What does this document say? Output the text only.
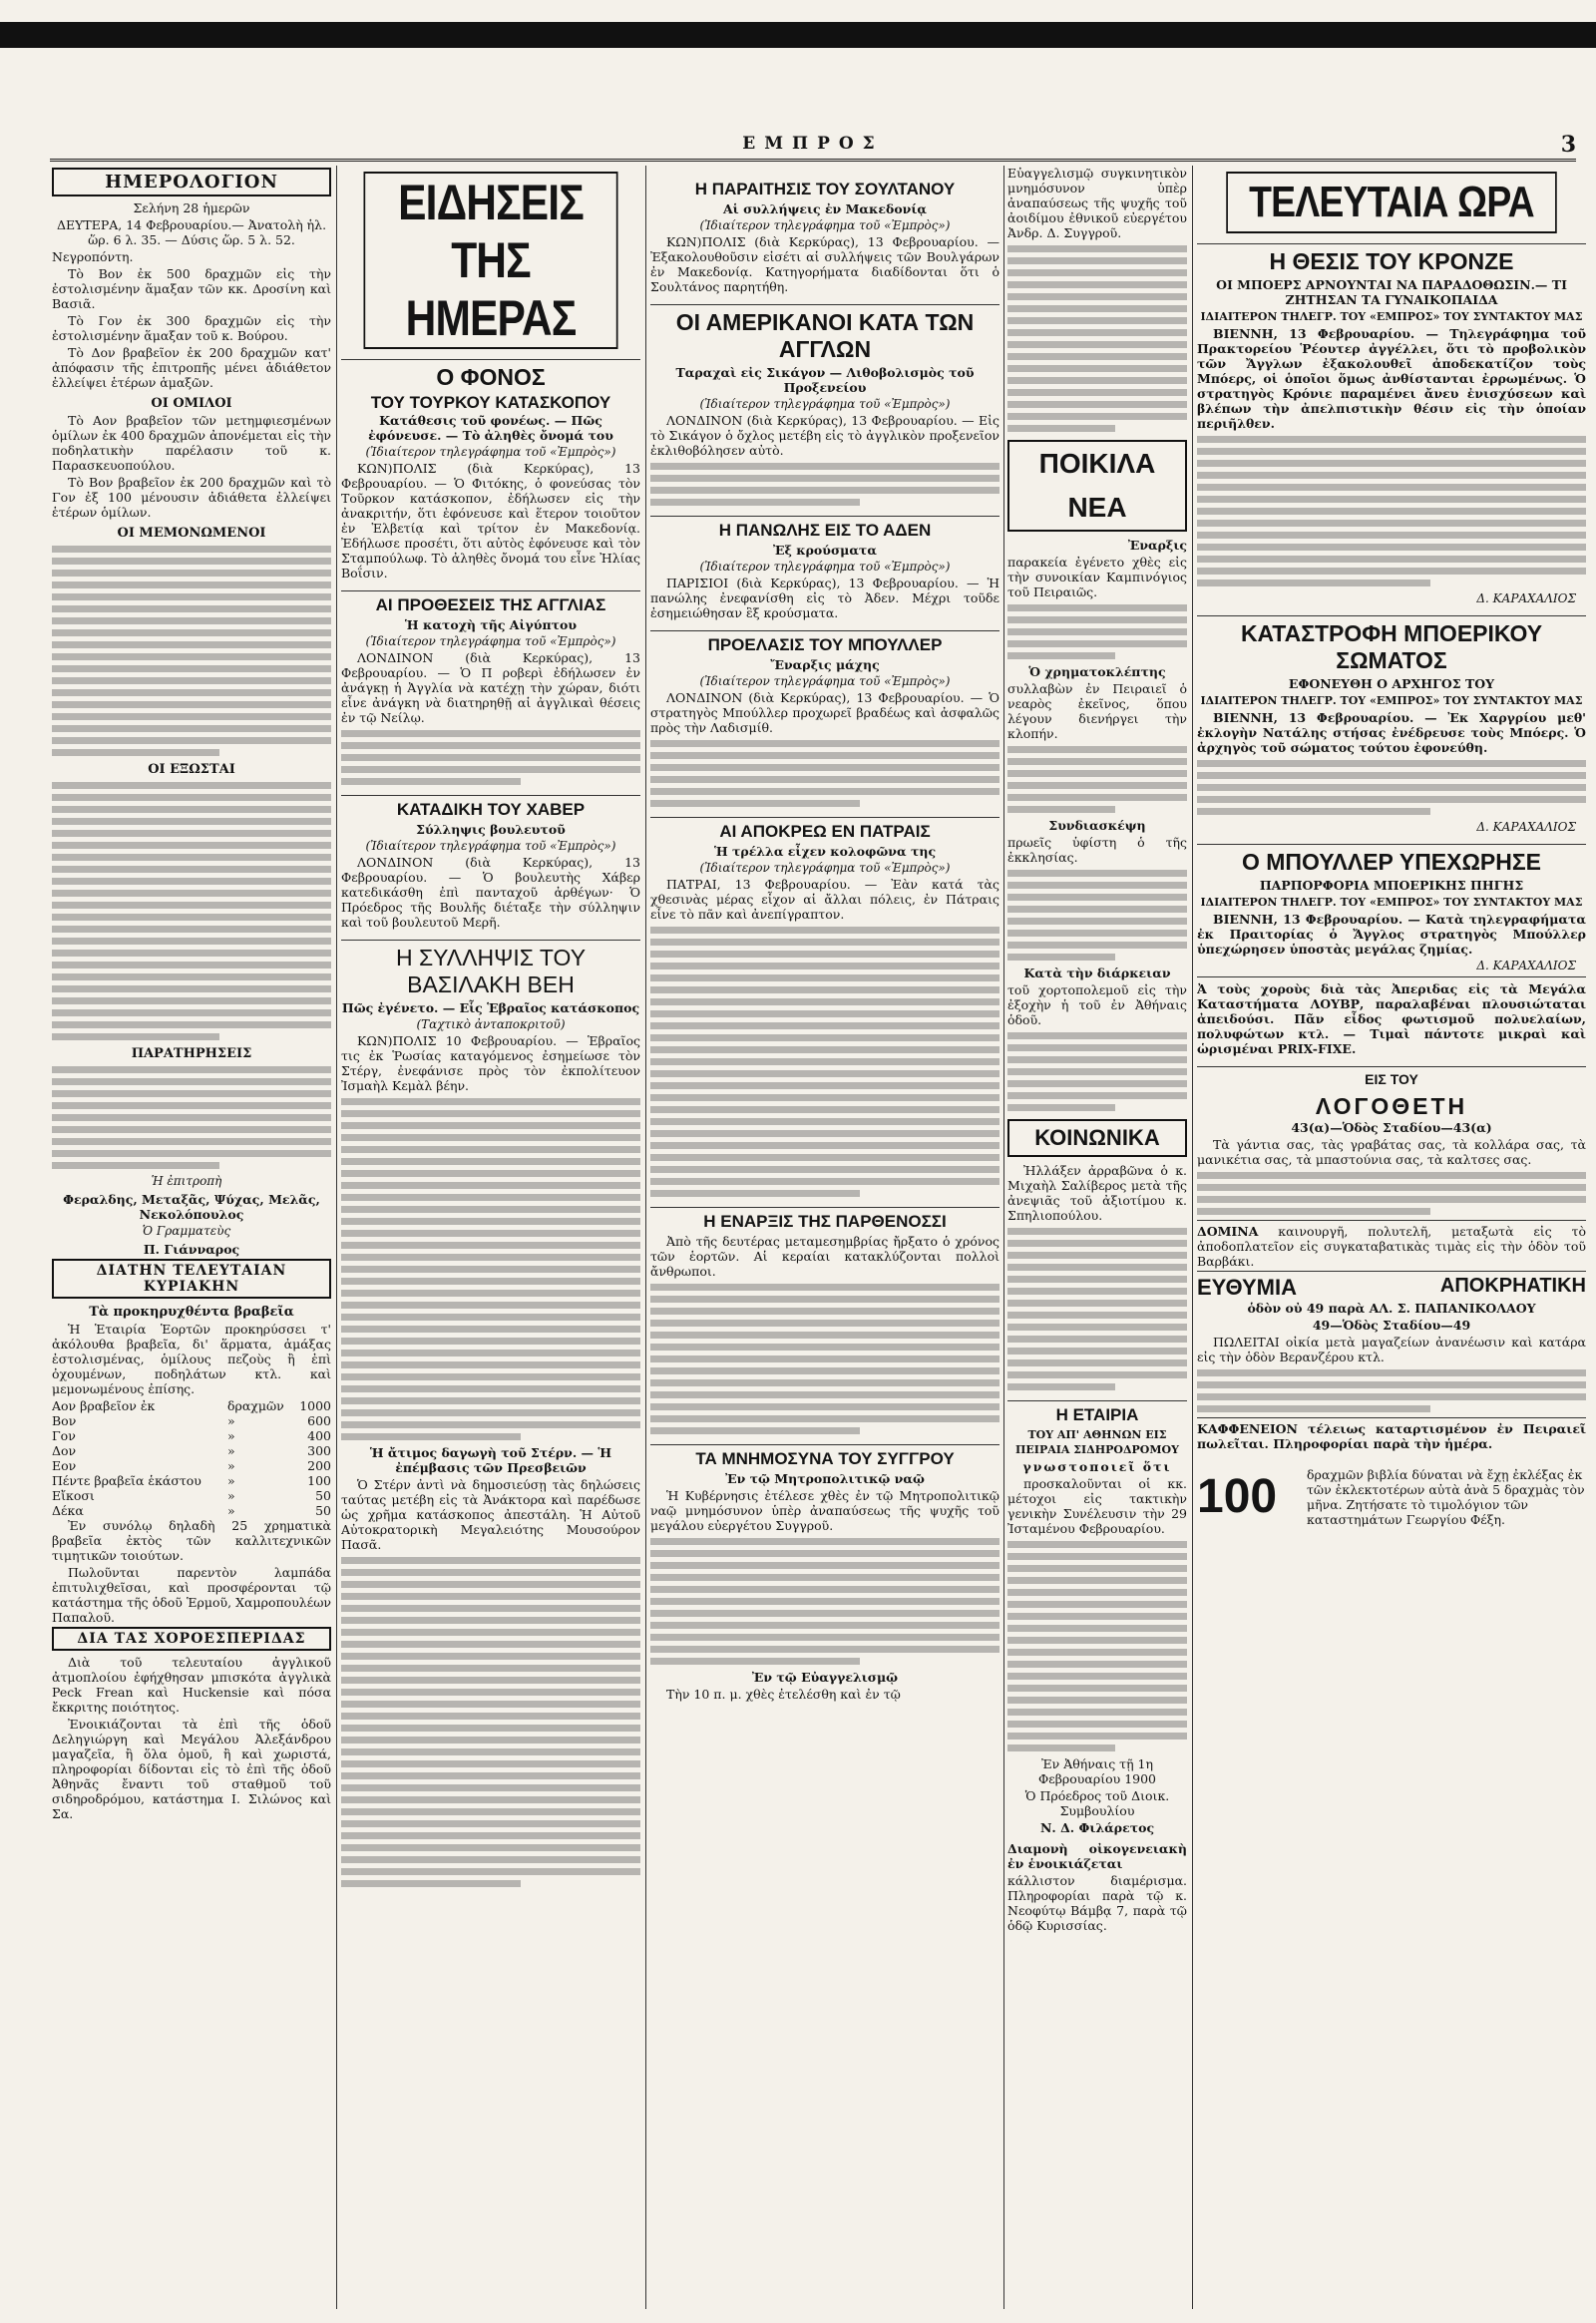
ΕΜΠΡΟΣ	3
ΗΜΕΡΟΛΟΓΙΟΝ

Σελήνη 28 ἡμερῶν

ΔΕΥΤΕΡΑ, 14 Φεβρουαρίου.— Ἀνατολὴ ἡλ. ὥρ. 6 λ. 35. — Δύσις ὥρ. 5 λ. 52.

Νεγροπόντη.

Τὸ Βον ἐκ 500 δραχμῶν εἰς τὴν ἐστολισμένην ἅμαξαν τῶν κκ. Δροσίνη καὶ Βασιᾶ.

Τὸ Γον ἐκ 300 δραχμῶν εἰς τὴν ἐστολισμένην ἅμαξαν τοῦ κ. Βούρου.

Τὸ Δον βραβεῖον ἐκ 200 δραχμῶν κατ' ἀπόφασιν τῆς ἐπιτροπῆς μένει ἀδιάθετον ἐλλείψει ἑτέρων ἁμαξῶν.

ΟΙ ΟΜΙΛΟΙ

Τὸ Αον βραβεῖον τῶν μετημφιεσμένων ὁμίλων ἐκ 400 δραχμῶν ἀπονέμεται εἰς τὴν ποδηλατικὴν παρέλασιν τοῦ κ. Παρασκευοπούλου.

Τὸ Βον βραβεῖον ἐκ 200 δραχμῶν καὶ τὸ Γον ἐξ 100 μένουσιν ἀδιάθετα ἐλλείψει ἑτέρων ὁμίλων.

ΟΙ ΜΕΜΟΝΩΜΕΝΟΙ
ΟΙ ΕΞΩΣΤΑΙ
ΠΑΡΑΤΗΡΗΣΕΙΣ
Ἡ ἐπιτροπὴ

Φεραλδης, Μεταξᾶς, Ψύχας, Μελᾶς, Νεκολόπουλος

Ὁ Γραμματεὺς

Π. Γιάνναρος

ΔΙΑΤΗΝ ΤΕΛΕΥΤΑΙΑΝ ΚΥΡΙΑΚΗΝ
Τὰ προκηρυχθέντα βραβεῖα

Ἡ Ἑταιρία Ἑορτῶν προκηρύσσει τ' ἀκόλουθα βραβεῖα, δι' ἅρματα, ἁμάξας ἐστολισμένας, ὁμίλους πεζοὺς ἢ ἐπὶ ὀχουμένων, ποδηλάτων κτλ. καὶ μεμονωμένους ἐπίσης.

Αον βραβεῖον ἐκ	δραχμῶν	1000
Βον	»	600
Γον	»	400
Δον	»	300
Εον	»	200
Πέντε βραβεῖα ἑκάστου	»	100
Εἴκοσι	»	50
Δέκα	»	50

Ἐν συνόλῳ δηλαδὴ 25 χρηματικὰ βραβεῖα ἐκτὸς τῶν καλλιτεχνικῶν τιμητικῶν τοιούτων.

Πωλοῦνται παρεντὸν λαμπάδα ἐπιτυλιχθεῖσαι, καὶ προσφέρονται τῷ κατάστημα τῆς ὁδοῦ Ἑρμοῦ, Χαμροπουλέων Παπαλοῦ.

ΔΙΑ ΤΑΣ ΧΟΡΟΕΣΠΕΡΙΔΑΣ

Διὰ τοῦ τελευταίου ἀγγλικοῦ ἀτμοπλοίου ἐφήχθησαν μπισκότα ἀγγλικὰ Peck Frean καὶ Huckensie καὶ πόσα ἔκκριτης ποιότητος.

Ἐνοικιάζονται τὰ ἐπὶ τῆς ὁδοῦ Δεληγιώργη καὶ Μεγάλου Ἀλεξάνδρου μαγαζεῖα, ἢ ὅλα ὁμοῦ, ἢ καὶ χωριστά, πληροφορίαι δίδονται εἰς τὸ ἐπὶ τῆς ὁδοῦ Ἀθηνᾶς ἔναντι τοῦ σταθμοῦ τοῦ σιδηροδρόμου, κατάστημα Ι. Σιλώνος καὶ Σα.

ΕΙΔΗΣΕΙΣ ΤΗΣ ΗΜΕΡΑΣ
Ο ΦΟΝΟΣ
ΤΟΥ ΤΟΥΡΚΟΥ ΚΑΤΑΣΚΟΠΟΥ

Κατάθεσις τοῦ φονέως. — Πῶς ἐφόνευσε. — Τὸ ἀληθὲς ὄνομά του

(Ἰδιαίτερον τηλεγράφημα τοῦ «Ἐμπρὸς»)

ΚΩΝ)ΠΟΛΙΣ (διὰ Κερκύρας), 13 Φεβρουαρίου. — Ὁ Φιτόκης, ὁ φονεύσας τὸν Τοῦρκον κατάσκοπον, ἐδήλωσεν εἰς τὴν ἀνακριτήν, ὅτι ἐφόνευσε καὶ ἕτερον τοιοῦτον ἐν Ἑλβετίᾳ καὶ τρίτον ἐν Μακεδονίᾳ. Ἐδήλωσε προσέτι, ὅτι αὐτὸς ἐφόνευσε καὶ τὸν Σταμπούλωφ. Τὸ ἀληθὲς ὄνομά του εἶνε Ἠλίας Βοΐσιν.

ΑΙ ΠΡΟΘΕΣΕΙΣ ΤΗΣ ΑΓΓΛΙΑΣ

Ἡ κατοχὴ τῆς Αἰγύπτου

(Ἰδιαίτερον τηλεγράφημα τοῦ «Ἐμπρὸς»)

ΛΟΝΔΙΝΟΝ (διὰ Κερκύρας), 13 Φεβρουαρίου. — Ὁ Π ροβερὶ ἐδήλωσεν ἐν ἀνάγκῃ ἡ Ἀγγλία νὰ κατέχῃ τὴν χώραν, διότι εἶνε ἀνάγκη νὰ διατηρηθῇ αἱ ἀγγλικαὶ θέσεις ἐν τῷ Νείλῳ.

ΚΑΤΑΔΙΚΗ ΤΟΥ ΧΑΒΕΡ

Σύλληψις βουλευτοῦ

(Ἰδιαίτερον τηλεγράφημα τοῦ «Ἐμπρὸς»)

ΛΟΝΔΙΝΟΝ (διὰ Κερκύρας), 13 Φεβρουαρίου. — Ὁ βουλευτὴς Χάβερ κατεδικάσθη ἐπὶ πανταχοῦ ἀρθέγων· Ὁ Πρόεδρος τῆς Βουλῆς διέταξε τὴν σύλληψιν καὶ τοῦ βουλευτοῦ Μερῆ.

Η ΣΥΛΛΗΨΙΣ ΤΟΥ ΒΑΣΙΛΑΚΗ ΒΕΗ

Πῶς ἐγένετο. — Εἷς Ἑβραῖος κατάσκοπος

(Ταχτικὸ ἀνταποκριτοῦ)

ΚΩΝ)ΠΟΛΙΣ 10 Φεβρουαρίου. — Ἑβραῖος τις ἐκ Ῥωσίας καταγόμενος ἐσημείωσε τὸν Στέργ, ἐνεφάνισε πρὸς τὸν ἐκπολίτευον Ἰσμαὴλ Κεμὰλ βέην.

Ἡ ἄτιμος δαγωγὴ τοῦ Στέρν. — Ἡ ἐπέμβασις τῶν Πρεσβειῶν

Ὁ Στέρν ἀντὶ νὰ δημοσιεύσῃ τὰς δηλώσεις ταύτας μετέβη εἰς τὰ Ἀνάκτορα καὶ παρέδωσε ὡς χρῆμα κατάσκοπος ἀπεστάλη. Ἡ Αὐτοῦ Αὐτοκρατορικὴ Μεγαλειότης Μουσούρον Πασᾶ.

Η ΠΑΡΑΙΤΗΣΙΣ ΤΟΥ ΣΟΥΛΤΑΝΟΥ

Αἱ συλλήψεις ἐν Μακεδονίᾳ

(Ἰδιαίτερον τηλεγράφημα τοῦ «Ἐμπρὸς»)

ΚΩΝ)ΠΟΛΙΣ (διὰ Κερκύρας), 13 Φεβρουαρίου. — Ἐξακολουθοῦσιν εἰσέτι αἱ συλλήψεις τῶν Βουλγάρων ἐν Μακεδονίᾳ. Κατηγορήματα διαδίδονται ὅτι ὁ Σουλτάνος παρητήθη.

ΟΙ ΑΜΕΡΙΚΑΝΟΙ ΚΑΤΑ ΤΩΝ ΑΓΓΛΩΝ

Ταραχαὶ εἰς Σικάγον — Λιθοβολισμὸς τοῦ Προξενείου

(Ἰδιαίτερον τηλεγράφημα τοῦ «Ἐμπρὸς»)

ΛΟΝΔΙΝΟΝ (διὰ Κερκύρας), 13 Φεβρουαρίου. — Εἰς τὸ Σικάγον ὁ ὄχλος μετέβη εἰς τὸ ἀγγλικὸν προξενεῖον ἐκλιθοβόλησεν αὐτὸ.

Η ΠΑΝΩΛΗΣ ΕΙΣ ΤΟ ΑΔΕΝ

Ἐξ κρούσματα

(Ἰδιαίτερον τηλεγράφημα τοῦ «Ἐμπρὸς»)

ΠΑΡΙΣΙΟΙ (διὰ Κερκύρας), 13 Φεβρουαρίου. — Ἡ πανώλης ἐνεφανίσθη εἰς τὸ Ἀδεν. Μέχρι τοῦδε ἐσημειώθησαν ἓξ κρούσματα.

ΠΡΟΕΛΑΣΙΣ ΤΟΥ ΜΠΟΥΛΛΕΡ

Ἔναρξις μάχης

(Ἰδιαίτερον τηλεγράφημα τοῦ «Ἐμπρὸς»)

ΛΟΝΔΙΝΟΝ (διὰ Κερκύρας), 13 Φεβρουαρίου. — Ὁ στρατηγὸς Μπούλλερ προχωρεῖ βραδέως καὶ ἀσφαλῶς πρὸς τὴν Λαδισμίθ.

ΑΙ ΑΠΟΚΡΕΩ ΕΝ ΠΑΤΡΑΙΣ

Ἡ τρέλλα εἶχεν κολοφῶνα της

(Ἰδιαίτερον τηλεγράφημα τοῦ «Ἐμπρὸς»)

ΠΑΤΡΑΙ, 13 Φεβρουαρίου. — Ἐὰν κατά τὰς χθεσινὰς μέρας εἶχον αἱ ἄλλαι πόλεις, ἐν Πάτραις εἶνε τὸ πᾶν καὶ ἀνεπίγραπτον.

Η ΕΝΑΡΞΙΣ ΤΗΣ ΠΑΡΘΕΝΟΣΣΙ

Ἀπὸ τῆς δευτέρας μεταμεσημβρίας ἤρξατο ὁ χρόνος τῶν ἑορτῶν. Αἱ κεραίαι κατακλύζονται πολλοὶ ἄνθρωποι.

ΤΑ ΜΝΗΜΟΣΥΝΑ ΤΟΥ ΣΥΓΓΡΟΥ

Ἐν τῷ Μητροπολιτικῷ ναῷ

Ἡ Κυβέρνησις ἐτέλεσε χθὲς ἐν τῷ Μητροπολιτικῷ ναῷ μνημόσυνον ὑπὲρ ἀναπαύσεως τῆς ψυχῆς τοῦ μεγάλου εὐεργέτου Συγγροῦ.

Ἐν τῷ Εὐαγγελισμῷ

Τὴν 10 π. μ. χθὲς ἐτελέσθη καὶ ἐν τῷ

Εὐαγγελισμῷ συγκινητικὸν μνημόσυνον ὑπὲρ ἀναπαύσεως τῆς ψυχῆς τοῦ ἀοιδίμου ἐθνικοῦ εὐεργέτου Ἀνδρ. Δ. Συγγροῦ.

ΠΟΙΚΙΛΑ ΝΕΑ

Ἐναρξις

παρακεία ἐγένετο χθὲς εἰς τὴν συνοικίαν Καμπινόγιος τοῦ Πειραιῶς.

Ὁ χρηματοκλέπτης

συλλαβὼν ἐν Πειραιεῖ ὁ νεαρὸς ἐκεῖνος, ὅπου λέγουν διενήργει τὴν κλοπήν.

Συνδιασκέψη

πρωεῖς ὑφίστη ὁ τῆς ἐκκλησίας.

Κατὰ τὴν διάρκειαν

τοῦ χορτοπολεμοῦ εἰς τὴν ἐξοχὴν ἡ τοῦ ἐν Ἀθήναις ὁδοῦ.

ΚΟΙΝΩΝΙΚΑ

Ἠλλάξεν ἀρραβῶνα ὁ κ. Μιχαὴλ Σαλίβερος μετὰ τῆς ἀνεψιᾶς τοῦ ἀξιοτίμου κ. Σπηλιοπούλου.

Η ΕΤΑΙΡΙΑ

ΤΟΥ ΑΠ' ΑΘΗΝΩΝ ΕΙΣ ΠΕΙΡΑΙΑ ΣΙΔΗΡΟΔΡΟΜΟΥ

γνωστοποιεῖ ὅτι

προσκαλοῦνται οἱ κκ. μέτοχοι εἰς τακτικὴν γενικὴν Συνέλευσιν τὴν 29 Ἰσταμένου Φεβρουαρίου.

Ἐν Ἀθήναις τῇ 1η Φεβρουαρίου 1900

Ὁ Πρόεδρος τοῦ Διοικ. Συμβουλίου

Ν. Δ. Φιλάρετος

Διαμονὴ οἰκογενειακὴ ἐν ἑνοικιάζεται

κάλλιστον διαμέρισμα. Πληροφορίαι παρὰ τῷ κ. Νεοφύτῳ Βάμβᾳ 7, παρὰ τῷ ὁδῷ Κυρισσίας.

ΤΕΛΕΥΤΑΙΑ ΩΡΑ
Η ΘΕΣΙΣ ΤΟΥ ΚΡΟΝΖΕ

ΟΙ ΜΠΟΕΡΣ ΑΡΝΟΥΝΤΑΙ ΝΑ ΠΑΡΑΔΟΘΩΣΙΝ.— ΤΙ ΖΗΤΗΣΑΝ ΤΑ ΓΥΝΑΙΚΟΠΑΙΔΑ

ΙΔΙΑΙΤΕΡΟΝ ΤΗΛΕΓΡ. ΤΟΥ «ΕΜΠΡΟΣ» ΤΟΥ ΣΥΝΤΑΚΤΟΥ ΜΑΣ

ΒΙΕΝΝΗ, 13 Φεβρουαρίου. — Τηλεγράφημα τοῦ Πρακτορείου Ῥέουτερ ἀγγέλλει, ὅτι τὸ προβολικὸν τῶν Ἄγγλων ἐξακολουθεῖ ἀποδεκατίζον τοὺς Μπόερς, οἱ ὁποῖοι ὅμως ἀνθίστανται ἐρρωμένως. Ὁ στρατηγὸς Κρόνιε παραμένει ἄνευ ἐνισχύσεων καὶ βλέπων τὴν ἀπελπιστικὴν θέσιν εἰς τὴν ὁποίαν περιῆλθεν.

Δ. ΚΑΡΑΧΑΛΙΟΣ
ΚΑΤΑΣΤΡΟΦΗ ΜΠΟΕΡΙΚΟΥ ΣΩΜΑΤΟΣ

ΕΦΟΝΕΥΘΗ Ο ΑΡΧΗΓΟΣ ΤΟΥ

ΙΔΙΑΙΤΕΡΟΝ ΤΗΛΕΓΡ. ΤΟΥ «ΕΜΠΡΟΣ» ΤΟΥ ΣΥΝΤΑΚΤΟΥ ΜΑΣ

ΒΙΕΝΝΗ, 13 Φεβρουαρίου. — Ἐκ Χαργρίου μεθ' ἐκλογὴν Νατάλης στήσας ἐνέδρευσε τοὺς Μπόερς. Ὁ ἀρχηγὸς τοῦ σώματος τούτου ἐφονεύθη.

Δ. ΚΑΡΑΧΑΛΙΟΣ
Ο ΜΠΟΥΛΛΕΡ ΥΠΕΧΩΡΗΣΕ

ΠΑΡΠΟΡΦΟΡΙΑ ΜΠΟΕΡΙΚΗΣ ΠΗΓΗΣ

ΙΔΙΑΙΤΕΡΟΝ ΤΗΛΕΓΡ. ΤΟΥ «ΕΜΠΡΟΣ» ΤΟΥ ΣΥΝΤΑΚΤΟΥ ΜΑΣ

ΒΙΕΝΝΗ, 13 Φεβρουαρίου. — Κατὰ τηλεγραφήματα ἐκ Πραιτορίας ὁ Ἄγγλος στρατηγὸς Μπούλλερ ὑπεχώρησεν ὑποστὰς μεγάλας ζημίας.

Δ. ΚΑΡΑΧΑΛΙΟΣ

Ἀ τοὺς χοροὺς διὰ τὰς Ἀπεριδας εἰς τὰ Μεγάλα Καταστήματα ΛΟΥΒΡ, παραλαβέναι πλουσιώταται ἀπειδούσι. Πᾶν εἶδος φωτισμοῦ πολυελαίων, πολυφώτων κτλ. — Τιμαὶ πάντοτε μικραὶ καὶ ὡρισμέναι PRIX-FIXE.

ΕΙΣ ΤΟΥ
ΛΟΓΟΘΕΤΗ

43(α)—Ὁδὸς Σταδίου—43(α)

Τὰ γάντια σας, τὰς γραβάτας σας, τὰ κολλάρα σας, τὰ μανικέτια σας, τὰ μπαστούνια σας, τὰ καλτσες σας.

ΔΟΜΙΝΑ καινουργῆ, πολυτελῆ, μεταξωτὰ εἰς τὸ ἀποδοπλατεῖον εἰς συγκαταβατικὰς τιμὰς εἰς τὴν ὁδὸν τοῦ Βαρβάκι.

ΕΥΘΥΜΙΑ	ΑΠΟΚΡΗΑΤΙΚΗ

ὁδὸν οὐ 49 παρὰ ΑΛ. Σ. ΠΑΠΑΝΙΚΟΛΑΟΥ

49—Ὁδὸς Σταδίου—49

ΠΩΛΕΙΤΑΙ οἰκία μετὰ μαγαζείων ἀνανέωσιν καὶ κατάρα εἰς τὴν ὁδὸν Βερανζέρου κτλ.

ΚΑΦΦΕΝΕΙΟΝ τέλειως καταρτισμένον ἐν Πειραιεῖ πωλεῖται. Πληροφορίαι παρὰ τὴν ἡμέρα.

100 δραχμῶν βιβλία δύναται νὰ ἔχῃ ἐκλέξας ἐκ τῶν ἐκλεκτοτέρων αὐτὰ ἀνὰ 5 δραχμὰς τὸν μῆνα. Ζητήσατε τὸ τιμολόγιον τῶν καταστημάτων Γεωργίου Φέξη.
